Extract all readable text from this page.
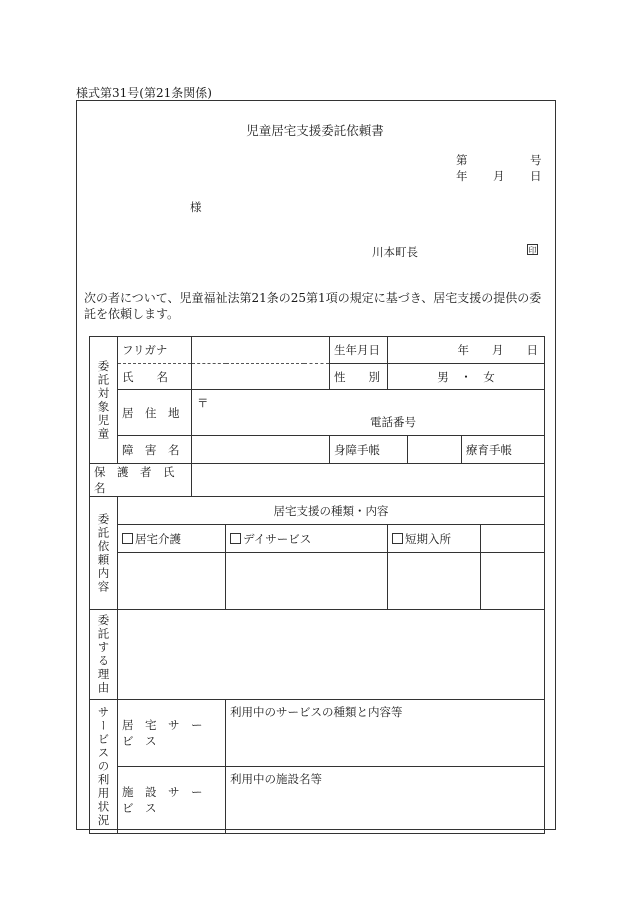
様式第31号(第21条関係)
児童居宅支援委託依頼書
第	号
年 月 日
様
川本町長	印
次の者について、児童福祉法第21条の25第1項の規定に基づき、居宅支援の提供の委託を依頼します。
委託対象児童	フリガナ			生年月日	年　　月　　日				
	氏　　名			性　　別	男　・　女				
	居　住　地	〒
電話番号							

	障　害　名			身障手帳			療育手帳		
保　護　者　氏　名									
委託依頼内容	居宅支援の種類・内容								
	居宅介護		デイサービス		短期入所				

委託する理由									
サービスの利用状況	居　宅　サ　ー　ビ　ス		利用中のサービスの種類と内容等						
	施　設　サ　ー　ビ　ス		利用中の施設名等						
